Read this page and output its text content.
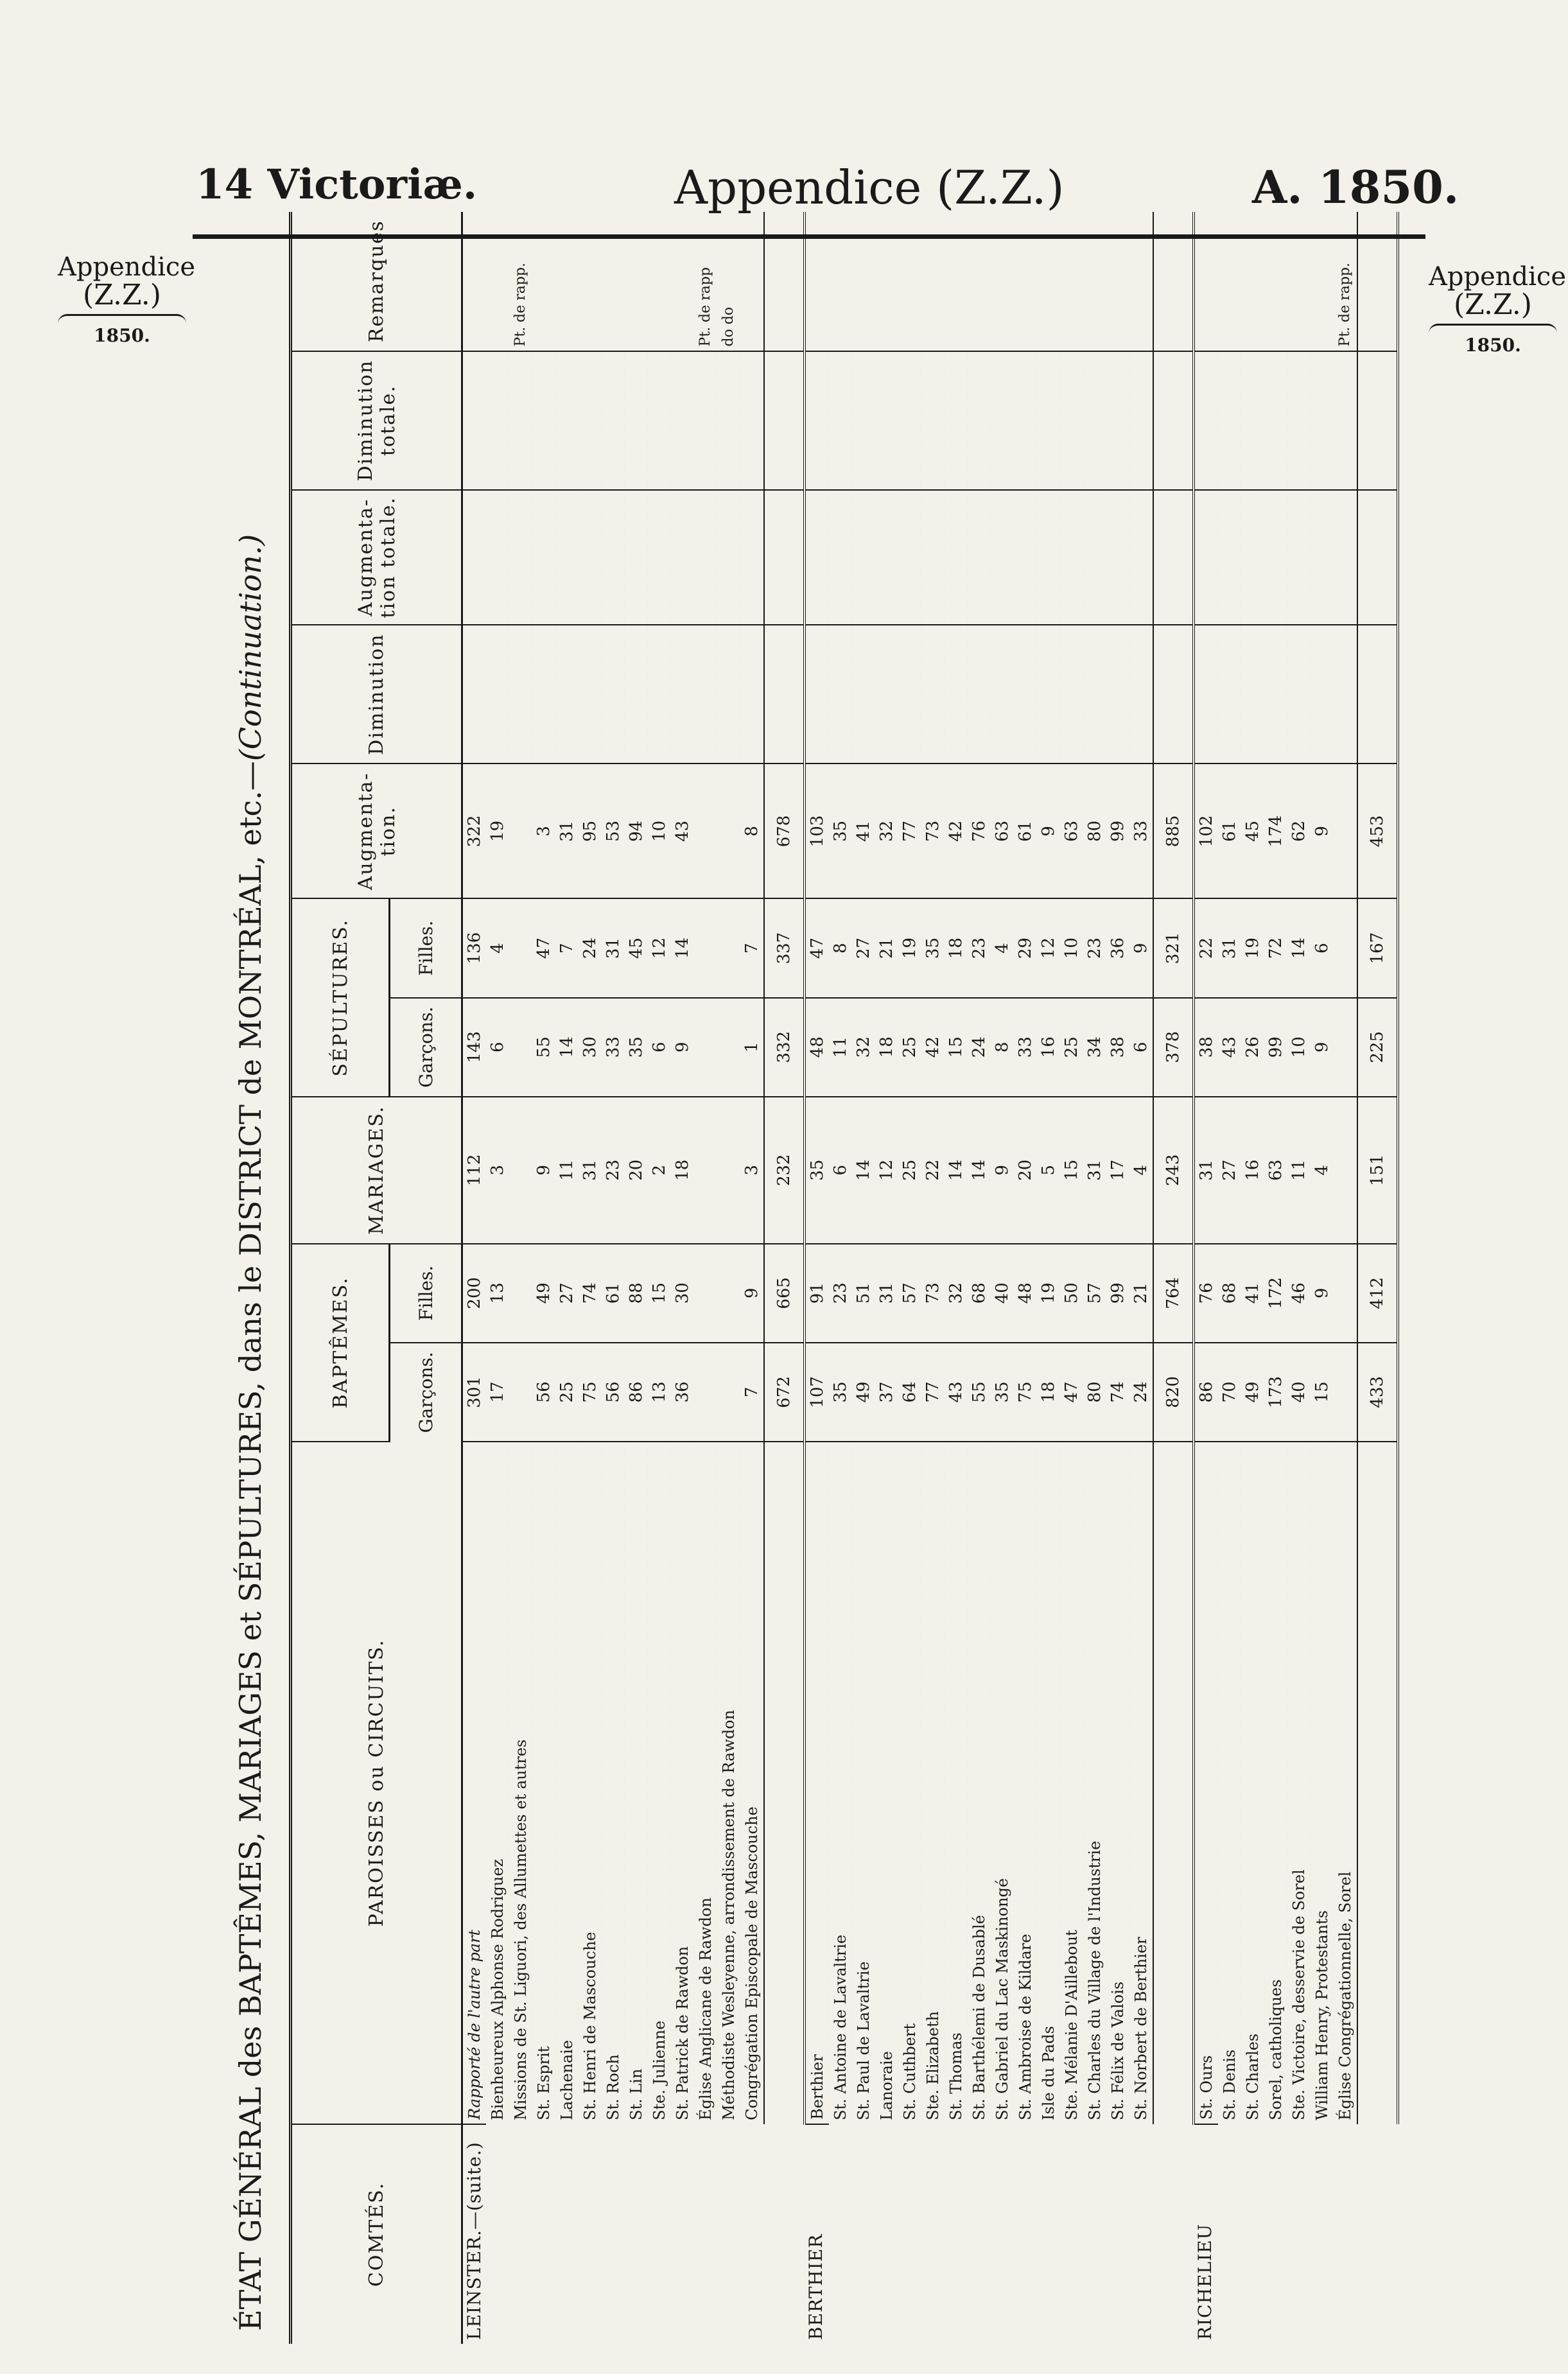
14 Victoriæ.	Appendice (Z.Z.)	A. 1850.
Appendice
(Z.Z.)
1850.
Appendice
(Z.Z.)
1850.
ÉTAT GÉNÉRAL des BAPTÊMES, MARIAGES et SÉPULTURES, dans le DISTRICT de MONTRÉAL, etc.—(Continuation.)
COMTÉS.	PAROISSES ou CIRCUITS.	BAPTÊMES.		MARIAGES.	SÉPULTURES.		Augmenta- tion.	Diminution	Augmenta- tion totale.	Diminution totale.	Remarques
		Garçons.	Filles.		Garçons.	Filles.					
LEINSTER.—(suite.)	Rapporté de l'autre part	301	200	112	143	136	322				
	Bienheureux Alphonse Rodriguez	17	13	3	6	4	19				
	Missions de St. Liguori, des Allumettes et autres										Pt. de rapp.
	St. Esprit	56	49	9	55	47	3				
	Lachenaie	25	27	11	14	7	31				
	St. Henri de Mascouche	75	74	31	30	24	95				
	St. Roch	56	61	23	33	31	53				
	St. Lin	86	88	20	35	45	94				
	Ste. Julienne	13	15	2	6	12	10				
	St. Patrick de Rawdon	36	30	18	9	14	43				
	Église Anglicane de Rawdon										Pt. de rapp
	Méthodiste Wesleyenne, arrondissement de Rawdon										do do
	Congrégation Episcopale de Mascouche	7	9	3	1	7	8				
		672	665	232	332	337	678				
BERTHIER	Berthier	107	91	35	48	47	103				
	St. Antoine de Lavaltrie	35	23	6	11	8	35				
	St. Paul de Lavaltrie	49	51	14	32	27	41				
	Lanoraie	37	31	12	18	21	32				
	St. Cuthbert	64	57	25	25	19	77				
	Ste. Elizabeth	77	73	22	42	35	73				
	St. Thomas	43	32	14	15	18	42				
	St. Barthélemi de Dusablé	55	68	14	24	23	76				
	St. Gabriel du Lac Maskinongé	35	40	9	8	4	63				
	St. Ambroise de Kildare	75	48	20	33	29	61				
	Isle du Pads	18	19	5	16	12	9				
	Ste. Mélanie D'Aillebout	47	50	15	25	10	63				
	St. Charles du Village de l'Industrie	80	57	31	34	23	80				
	St. Félix de Valois	74	99	17	38	36	99				
	St. Norbert de Berthier	24	21	4	6	9	33				
		820	764	243	378	321	885				
RICHELIEU	St. Ours	86	76	31	38	22	102				
	St. Denis	70	68	27	43	31	61				
	St. Charles	49	41	16	26	19	45				
	Sorel, catholiques	173	172	63	99	72	174				
	Ste. Victoire, desservie de Sorel	40	46	11	10	14	62				
	William Henry, Protestants	15	9	4	9	6	9				
	Église Congrégationnelle, Sorel										Pt. de rapp.
		433	412	151	225	167	453				
